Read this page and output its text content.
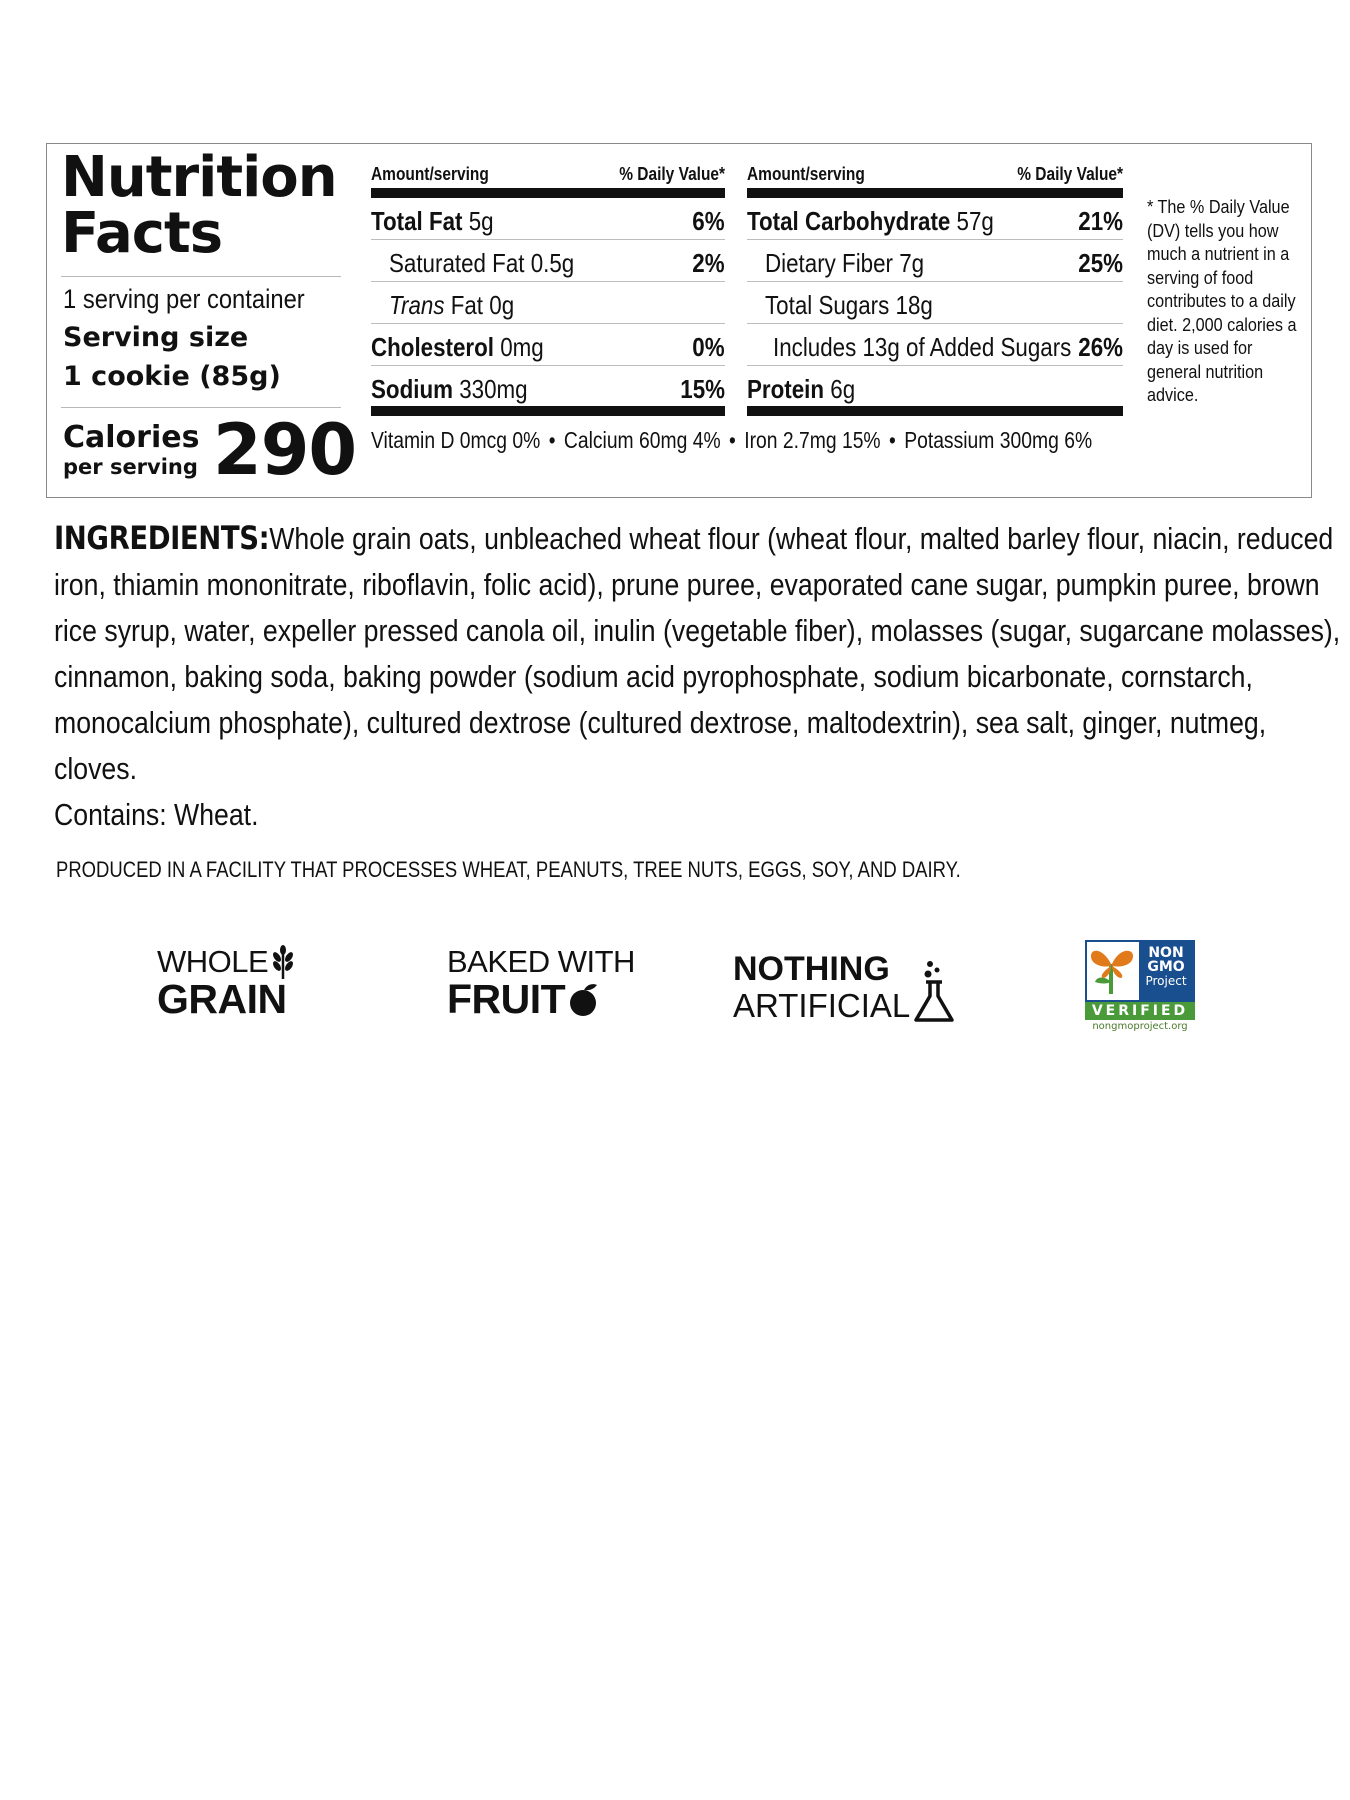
Nutrition
Facts
1 serving per container
Serving size
1 cookie (85g)
Calories
per serving 290
Amount/serving	% Daily Value*
Total Fat 5g	6%
Saturated Fat 0.5g	2%
Trans Fat 0g
Cholesterol 0mg	0%
Sodium 330mg	15%
Amount/serving	% Daily Value*
Total Carbohydrate 57g	21%
Dietary Fiber 7g	25%
Total Sugars 18g
Includes 13g of Added Sugars 26%
Protein 6g
Vitamin D 0mcg 0% • Calcium 60mg 4% • Iron 2.7mg 15% • Potassium 300mg 6%
* The % Daily Value (DV) tells you how much a nutrient in a serving of food contributes to a daily diet. 2,000 calories a day is used for general nutrition advice.
INGREDIENTS:Whole grain oats, unbleached wheat flour (wheat flour, malted barley flour, niacin, reduced iron, thiamin mononitrate, riboflavin, folic acid), prune puree, evaporated cane sugar, pumpkin puree, brown rice syrup, water, expeller pressed canola oil, inulin (vegetable fiber), molasses (sugar, sugarcane molasses), cinnamon, baking soda, baking powder (sodium acid pyrophosphate, sodium bicarbonate, cornstarch, monocalcium phosphate), cultured dextrose (cultured dextrose, maltodextrin), sea salt, ginger, nutmeg, cloves.
Contains: Wheat.
PRODUCED IN A FACILITY THAT PROCESSES WHEAT, PEANUTS, TREE NUTS, EGGS, SOY, AND DAIRY.
WHOLE
GRAIN
BAKED WITH
FRUIT
NOTHING
ARTIFICIAL
NON
GMO
Project
VERIFIED
nongmoproject.org
